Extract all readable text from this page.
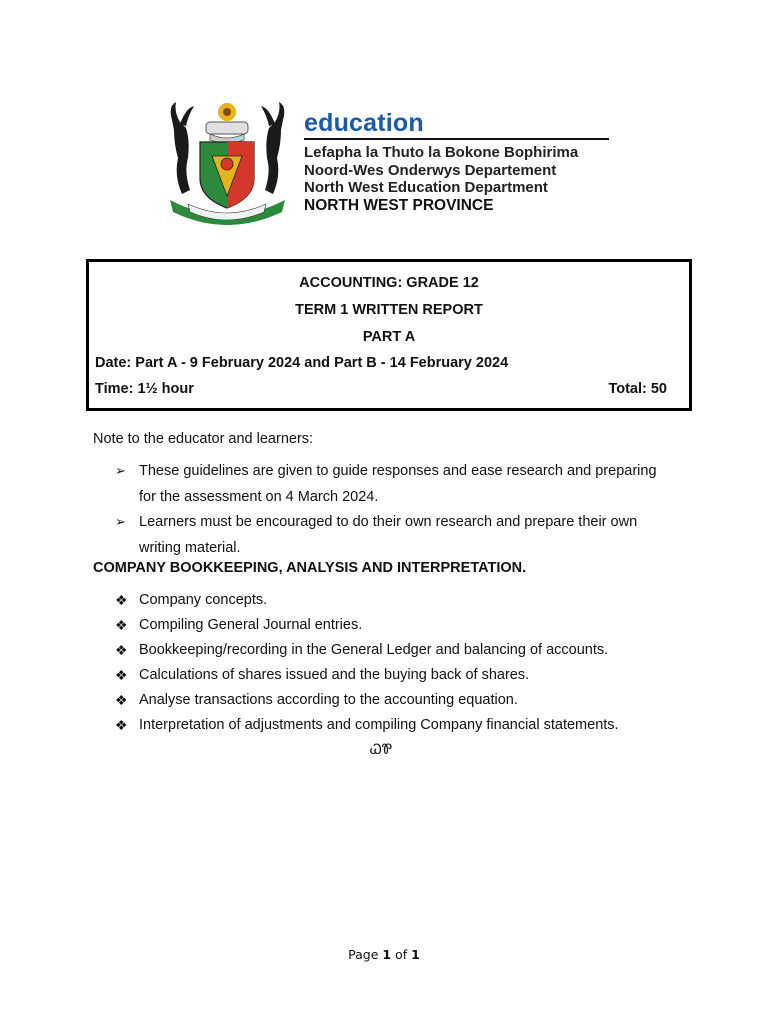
education
Lefapha la Thuto la Bokone Bophirima
Noord-Wes Onderwys Departement
North West Education Department
NORTH WEST PROVINCE
ACCOUNTING: GRADE 12
TERM 1 WRITTEN REPORT
PART A
Date: Part A - 9 February 2024 and Part B - 14 February 2024
Time: 1½ hour	Total: 50
Note to the educator and learners:
➢ These guidelines are given to guide responses and ease research and preparing for the assessment on 4 March 2024.
➢ Learners must be encouraged to do their own research and prepare their own writing material.
COMPANY BOOKKEEPING, ANALYSIS AND INTERPRETATION.
❖ Company concepts.
❖ Compiling General Journal entries.
❖ Bookkeeping/recording in the General Ledger and balancing of accounts.
❖ Calculations of shares issued and the buying back of shares.
❖ Analyse transactions according to the accounting equation.
❖ Interpretation of adjustments and compiling Company financial statements.
ᏇᏈ
Page 1 of 1
